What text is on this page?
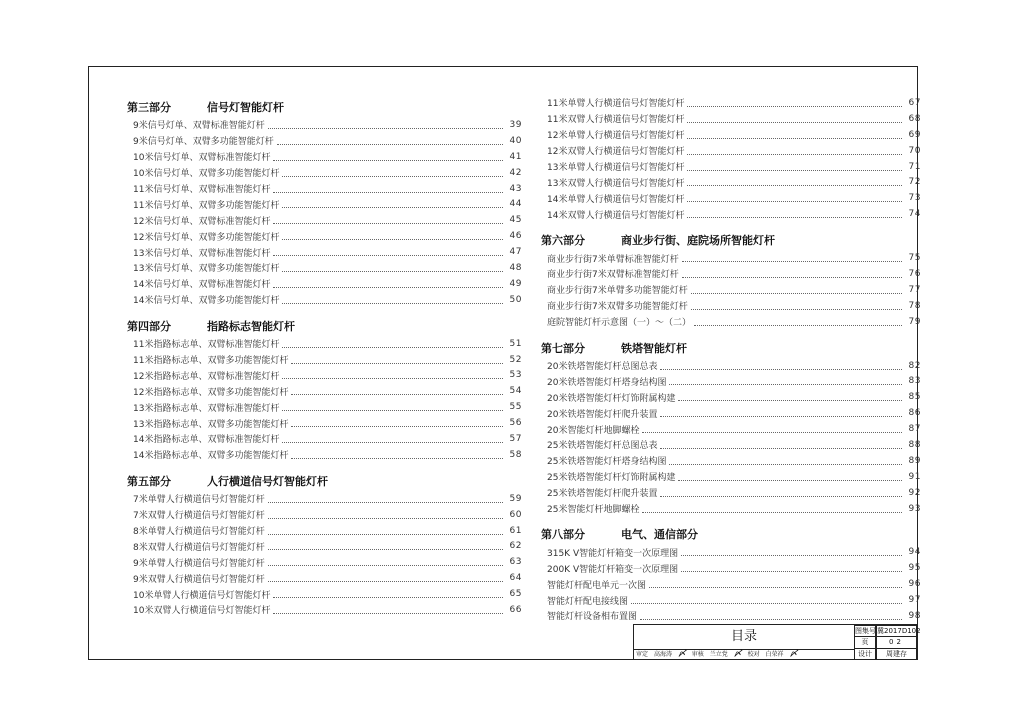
第三部分	信号灯智能灯杆
9米信号灯单、双臂标准智能灯杆	39
9米信号灯单、双臂多功能智能灯杆	40
10米信号灯单、双臂标准智能灯杆	41
10米信号灯单、双臂多功能智能灯杆	42
11米信号灯单、双臂标准智能灯杆	43
11米信号灯单、双臂多功能智能灯杆	44
12米信号灯单、双臂标准智能灯杆	45
12米信号灯单、双臂多功能智能灯杆	46
13米信号灯单、双臂标准智能灯杆	47
13米信号灯单、双臂多功能智能灯杆	48
14米信号灯单、双臂标准智能灯杆	49
14米信号灯单、双臂多功能智能灯杆	50
第四部分	指路标志智能灯杆
11米指路标志单、双臂标准智能灯杆	51
11米指路标志单、双臂多功能智能灯杆	52
12米指路标志单、双臂标准智能灯杆	53
12米指路标志单、双臂多功能智能灯杆	54
13米指路标志单、双臂标准智能灯杆	55
13米指路标志单、双臂多功能智能灯杆	56
14米指路标志单、双臂标准智能灯杆	57
14米指路标志单、双臂多功能智能灯杆	58
第五部分	人行横道信号灯智能灯杆
7米单臂人行横道信号灯智能灯杆	59
7米双臂人行横道信号灯智能灯杆	60
8米单臂人行横道信号灯智能灯杆	61
8米双臂人行横道信号灯智能灯杆	62
9米单臂人行横道信号灯智能灯杆	63
9米双臂人行横道信号灯智能灯杆	64
10米单臂人行横道信号灯智能灯杆	65
10米双臂人行横道信号灯智能灯杆	66
11米单臂人行横道信号灯智能灯杆	67
11米双臂人行横道信号灯智能灯杆	68
12米单臂人行横道信号灯智能灯杆	69
12米双臂人行横道信号灯智能灯杆	70
13米单臂人行横道信号灯智能灯杆	71
13米双臂人行横道信号灯智能灯杆	72
14米单臂人行横道信号灯智能灯杆	73
14米双臂人行横道信号灯智能灯杆	74
第六部分	商业步行街、庭院场所智能灯杆
商业步行街7米单臂标准智能灯杆	75
商业步行街7米双臂标准智能灯杆	76
商业步行街7米单臂多功能智能灯杆	77
商业步行街7米双臂多功能智能灯杆	78
庭院智能灯杆示意图（一）～（二）	79
第七部分	铁塔智能灯杆
20米铁塔智能灯杆总图总表	82
20米铁塔智能灯杆塔身结构图	83
20米铁塔智能灯杆灯饰附属构建	85
20米铁塔智能灯杆爬升装置	86
20米智能灯杆地脚螺栓	87
25米铁塔智能灯杆总图总表	88
25米铁塔智能灯杆塔身结构图	89
25米铁塔智能灯杆灯饰附属构建	91
25米铁塔智能灯杆爬升装置	92
25米智能灯杆地脚螺栓	93
第八部分	电气、通信部分
315K V智能灯杆箱变一次原理图	94
200K V智能灯杆箱变一次原理图	95
智能灯杆配电单元一次图	96
智能灯杆配电接线图	97
智能灯杆设备相布置图	98
目录	图集号 冀2017D102
页	02
审定 高海涛 〆 审核 兰立党 〆 校对 白荣祥 〆	设计	周建存
